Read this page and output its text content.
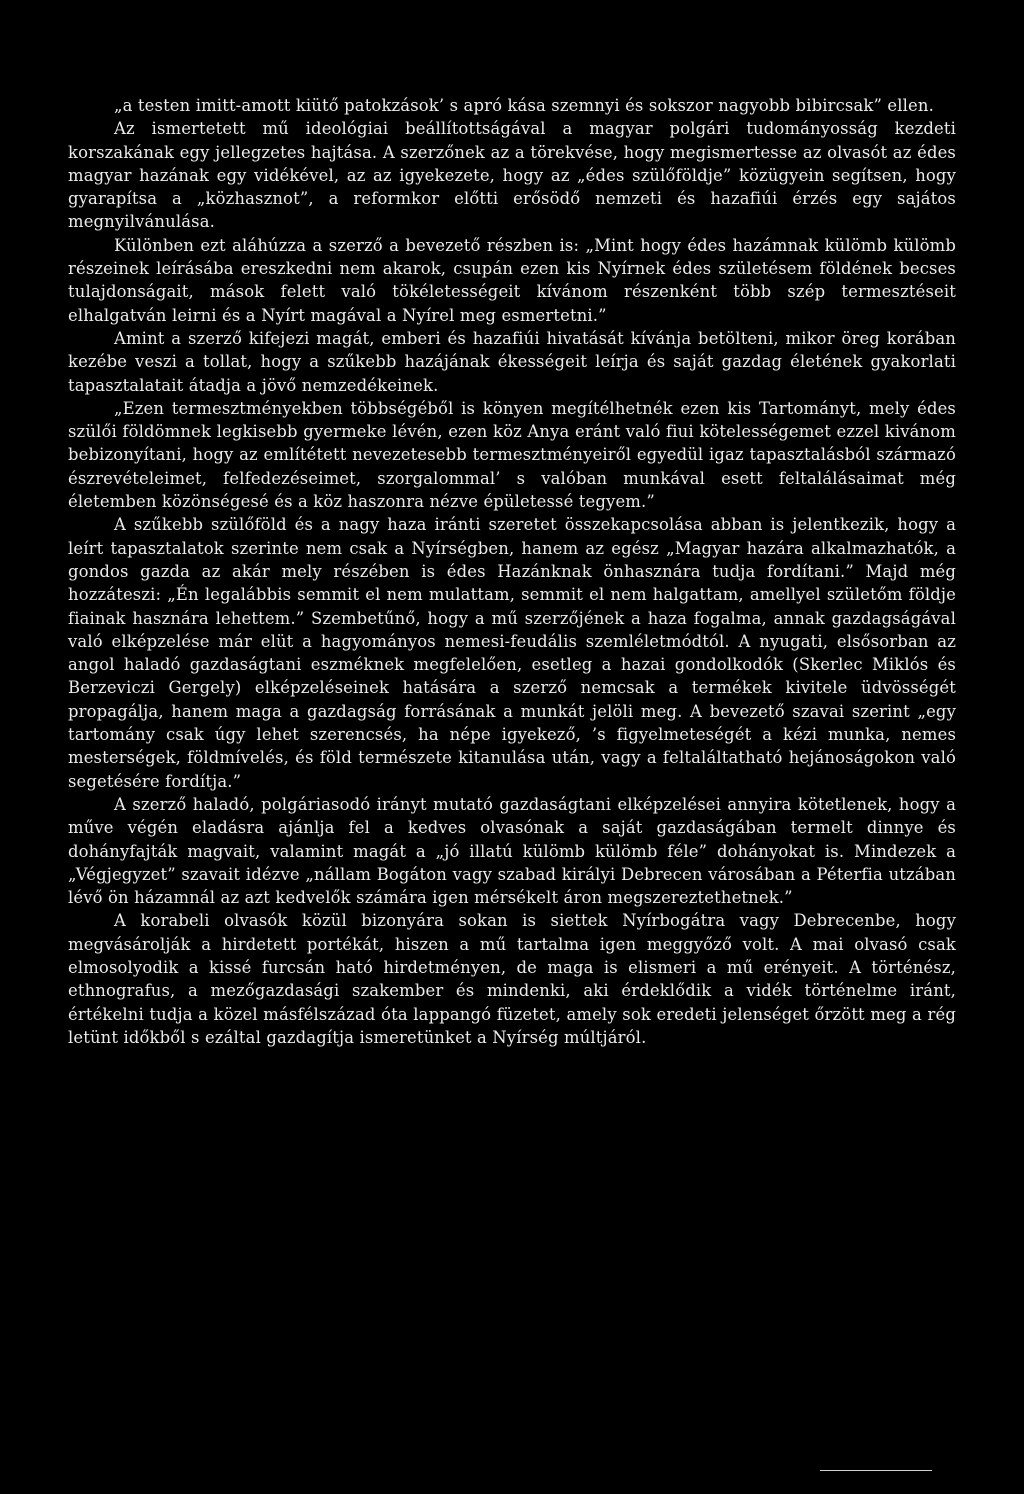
„a testen imitt-amott kiütő patokzások’ s apró kása szemnyi és sokszor nagyobb bibircsak” ellen.

Az ismertetett mű ideológiai beállítottságával a magyar polgári tudományosság kezdeti korszakának egy jellegzetes hajtása. A szerzőnek az a törekvése, hogy megismertesse az olvasót az édes magyar hazának egy vidékével, az az igyekezete, hogy az „édes szülőföldje” közügyein segítsen, hogy gyarapítsa a „közhasznot”, a reformkor előtti erősödő nemzeti és hazafiúi érzés egy sajátos megnyilvánulása.

Különben ezt aláhúzza a szerző a bevezető részben is: „Mint hogy édes hazámnak külömb külömb részeinek leírásába ereszkedni nem akarok, csupán ezen kis Nyírnek édes születésem földének becses tulajdonságait, mások felett való tökéletességeit kívánom részenként több szép termesztéseit elhalgatván leirni és a Nyírt magával a Nyírel meg esmertetni.”

Amint a szerző kifejezi magát, emberi és hazafiúi hivatását kívánja betölteni, mikor öreg korában kezébe veszi a tollat, hogy a szűkebb hazájának ékességeit leírja és saját gazdag életének gyakorlati tapasztalatait átadja a jövő nemzedékeinek.

„Ezen termesztményekben többségéből is könyen megítélhetnék ezen kis Tartományt, mely édes szülői földömnek legkisebb gyermeke lévén, ezen köz Anya eránt való fiui kötelességemet ezzel kivánom bebizonyítani, hogy az említétett nevezetesebb termesztményeiről egyedül igaz tapasztalásból származó észrevételeimet, felfedezéseimet, szorgalommal’ s valóban munkával esett feltalálásaimat még életemben közönségesé és a köz haszonra nézve épületessé tegyem.”

A szűkebb szülőföld és a nagy haza iránti szeretet összekapcsolása abban is jelentkezik, hogy a leírt tapasztalatok szerinte nem csak a Nyírségben, hanem az egész „Magyar hazára alkalmazhatók, a gondos gazda az akár mely részében is édes Hazánknak önhasznára tudja fordítani.” Majd még hozzáteszi: „Én legalábbis semmit el nem mulattam, semmit el nem halgattam, amellyel születőm földje fiainak hasznára lehettem.” Szembetűnő, hogy a mű szerzőjének a haza fogalma, annak gazdagságával való elképzelése már elüt a hagyományos nemesi-feudális szemléletmódtól. A nyugati, elsősorban az angol haladó gazdaságtani eszméknek megfelelően, esetleg a hazai gondolkodók (Skerlec Miklós és Berzeviczi Gergely) elképzeléseinek hatására a szerző nemcsak a termékek kivitele üdvösségét propagálja, hanem maga a gazdagság forrásának a munkát jelöli meg. A bevezető szavai szerint „egy tartomány csak úgy lehet szerencsés, ha népe igyekező, ’s figyelmeteségét a kézi munka, nemes mesterségek, földmívelés, és föld természete kitanulása után, vagy a feltaláltatható hejánoságokon való segetésére fordítja.”

A szerző haladó, polgáriasodó irányt mutató gazdaságtani elképzelései annyira kötetlenek, hogy a műve végén eladásra ajánlja fel a kedves olvasónak a saját gazdaságában termelt dinnye és dohányfajták magvait, valamint magát a „jó illatú külömb külömb féle” dohányokat is. Mindezek a „Végjegyzet” szavait idézve „nállam Bogáton vagy szabad királyi Debrecen városában a Péterfia utzában lévő ön házamnál az azt kedvelők számára igen mérsékelt áron megszereztethetnek.”

A korabeli olvasók közül bizonyára sokan is siettek Nyírbogátra vagy Debrecenbe, hogy megvásárolják a hirdetett portékát, hiszen a mű tartalma igen meggyőző volt. A mai olvasó csak elmosolyodik a kissé furcsán ható hirdetményen, de maga is elismeri a mű erényeit. A történész, ethnografus, a mezőgazdasági szakember és mindenki, aki érdeklődik a vidék történelme iránt, értékelni tudja a közel másfélszázad óta lappangó füzetet, amely sok eredeti jelenséget őrzött meg a rég letünt időkből s ezáltal gazdagítja ismeretünket a Nyírség múltjáról.
